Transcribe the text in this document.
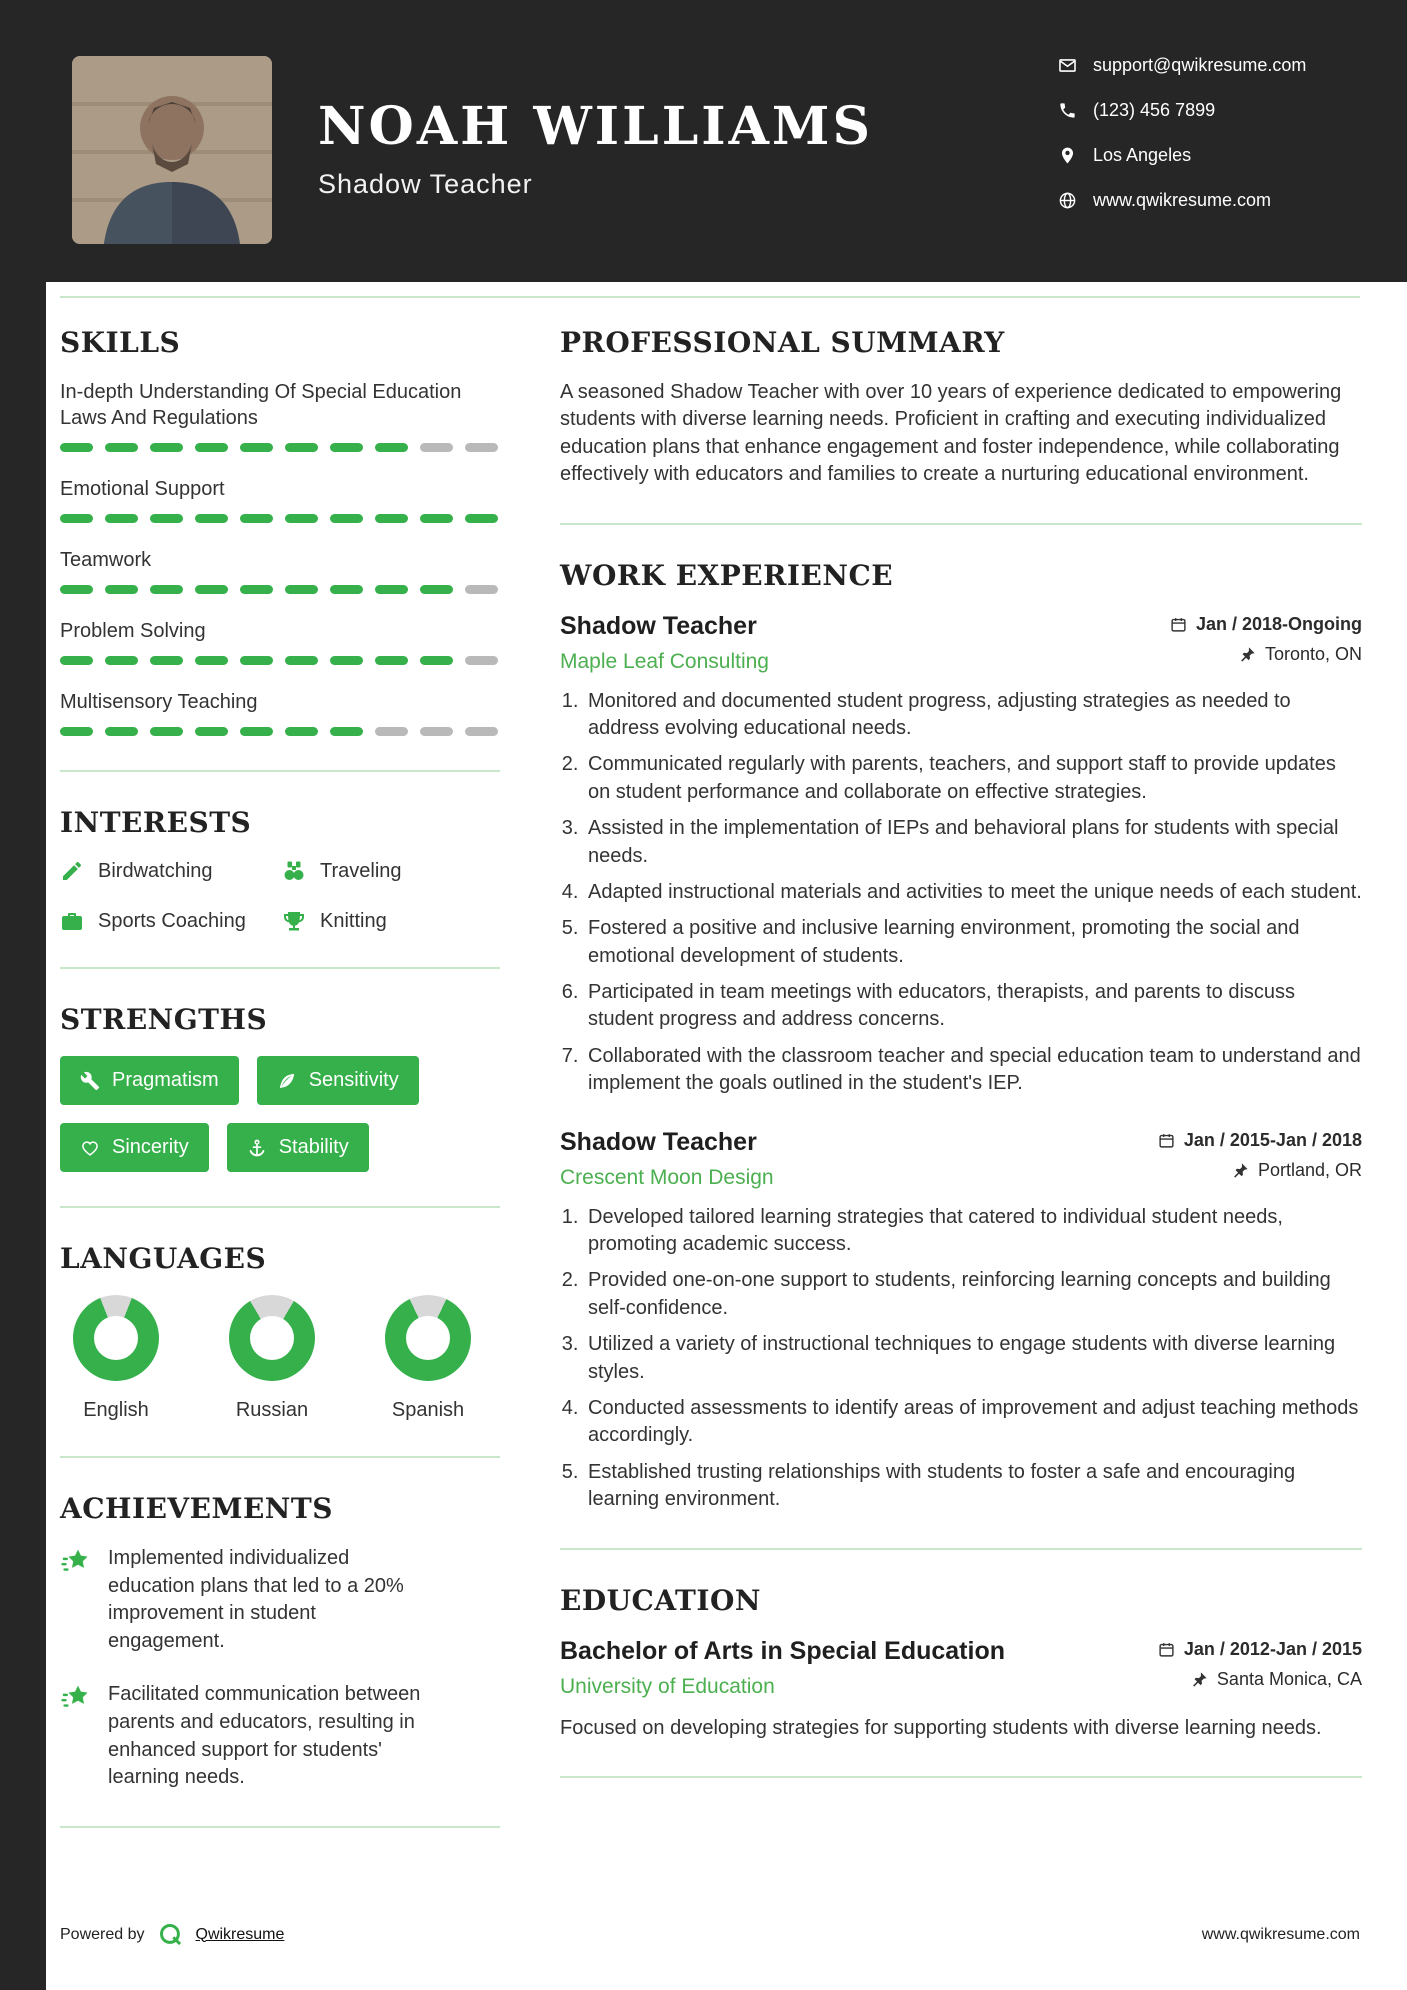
NOAH WILLIAMS
Shadow Teacher
support@qwikresume.com
(123) 456 7899
Los Angeles
www.qwikresume.com
SKILLS
In-depth Understanding Of Special Education Laws And Regulations
Emotional Support
Teamwork
Problem Solving
Multisensory Teaching
INTERESTS
Birdwatching	Traveling
Sports Coaching	Knitting
STRENGTHS
Pragmatism	Sensitivity
Sincerity	Stability
LANGUAGES
English	Russian	Spanish
ACHIEVEMENTS
Implemented individualized education plans that led to a 20% improvement in student engagement.
Facilitated communication between parents and educators, resulting in enhanced support for students' learning needs.
PROFESSIONAL SUMMARY

A seasoned Shadow Teacher with over 10 years of experience dedicated to empowering students with diverse learning needs. Proficient in crafting and executing individualized education plans that enhance engagement and foster independence, while collaborating effectively with educators and families to create a nurturing educational environment.

WORK EXPERIENCE
Shadow Teacher
Maple Leaf Consulting
Jan / 2018-Ongoing
Toronto, ON
1. Monitored and documented student progress, adjusting strategies as needed to address evolving educational needs.
2. Communicated regularly with parents, teachers, and support staff to provide updates on student performance and collaborate on effective strategies.
3. Assisted in the implementation of IEPs and behavioral plans for students with special needs.
4. Adapted instructional materials and activities to meet the unique needs of each student.
5. Fostered a positive and inclusive learning environment, promoting the social and emotional development of students.
6. Participated in team meetings with educators, therapists, and parents to discuss student progress and address concerns.
7. Collaborated with the classroom teacher and special education team to understand and implement the goals outlined in the student's IEP.
Shadow Teacher
Crescent Moon Design
Jan / 2015-Jan / 2018
Portland, OR
1. Developed tailored learning strategies that catered to individual student needs, promoting academic success.
2. Provided one-on-one support to students, reinforcing learning concepts and building self-confidence.
3. Utilized a variety of instructional techniques to engage students with diverse learning styles.
4. Conducted assessments to identify areas of improvement and adjust teaching methods accordingly.
5. Established trusting relationships with students to foster a safe and encouraging learning environment.
EDUCATION
Bachelor of Arts in Special Education
University of Education
Jan / 2012-Jan / 2015
Santa Monica, CA

Focused on developing strategies for supporting students with diverse learning needs.

Powered by	Qwikresume	www.qwikresume.com
